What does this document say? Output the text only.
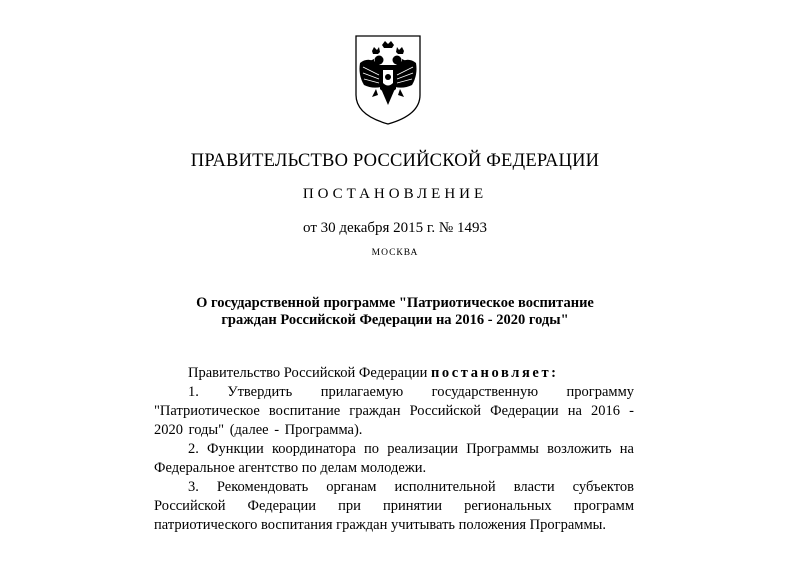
ПРАВИТЕЛЬСТВО РОССИЙСКОЙ ФЕДЕРАЦИИ
ПОСТАНОВЛЕНИЕ
от 30 декабря 2015 г. № 1493
МОСКВА
О государственной программе "Патриотическое воспитание
граждан Российской Федерации на 2016 - 2020 годы"

Правительство Российской Федерации постановляет:

1. Утвердить прилагаемую государственную программу "Патриотическое воспитание граждан Российской Федерации на 2016 - 2020 годы" (далее - Программа).

2. Функции координатора по реализации Программы возложить на Федеральное агентство по делам молодежи.

3. Рекомендовать органам исполнительной власти субъектов Российской Федерации при принятии региональных программ патриотического воспитания граждан учитывать положения Программы.
